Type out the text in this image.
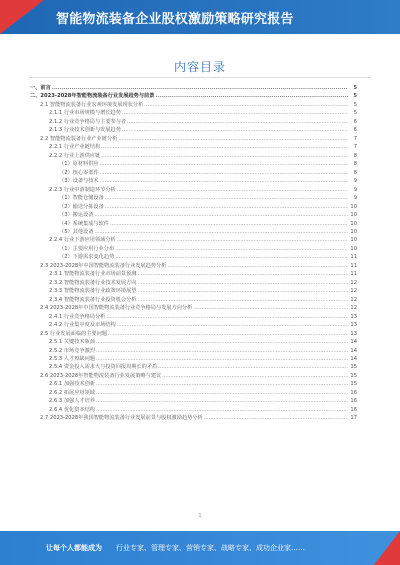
智能物流装备企业股权激励策略研究报告
内容目录
一、前言 .....	5
二、2023-2028年智能物流装备行业发展趋势与前景 .....	5
2.1 智能物流装备行业宏观环境发展现状分析 .....	5
2.1.1 行业市场规模与增长趋势 .....	5
2.1.2 行业竞争格局与主要参与者 .....	6
2.1.3 行业技术创新与发展趋势 .....	6
2.2 智能物流装备行业产业链分析 .....	7
2.2.1 行业产业链结构 .....	7
2.2.2 行业上游供应链 .....	8
（1）原材料供应 .....	8
（2）核心零部件 .....	8
（3）设备与技术 .....	9
2.2.3 行业中游制造环节分析 .....	9
（1）智能仓储设备 .....	9
（2）输送分拣设备 .....	10
（3）搬运设备 .....	10
（4）系统集成与软件 .....	10
（5）其他设备 .....	10
2.2.4 行业下游应用领域分析 .....	10
（1）主要应用行业分布 .....	10
（2）下游需求变化趋势 .....	11
2.3 2023-2028年中国智能物流装备行业发展趋势分析 .....	11
2.3.1 智能物流装备行业市场前景预测 .....	11
2.3.2 智能物流装备行业技术发展方向 .....	12
2.3.3 智能物流装备行业政策环境展望 .....	12
2.3.4 智能物流装备行业投资机会分析 .....	12
2.4 2023-2028年中国智能物流装备行业竞争格局与发展方向分析 .....	12
2.4.1 行业竞争格局分析 .....	13
2.4.2 行业集中度及市场结构 .....	13
2.5 行业发展面临的主要问题 .....	13
2.5.1 关键技术瓶颈 .....	14
2.5.2 市场竞争激烈 .....	14
2.5.3 人才短缺问题 .....	14
2.5.4 资金投入需求大与投资回报周期长的矛盾 .....	15
2.6 2023-2028年智能物流装备行业发展策略与建议 .....	15
2.6.1 加强技术创新 .....	15
2.6.2 拓展应用领域 .....	16
2.6.3 加强人才培养 .....	16
2.6.4 优化资本结构 .....	16
2.7 2023-2028年我国智能物流装备行业发展前景与股权激励趋势分析 .....	17
1
让每个人都能成为 行业专家、管理专家、营销专家、战略专家、成功企业家……
